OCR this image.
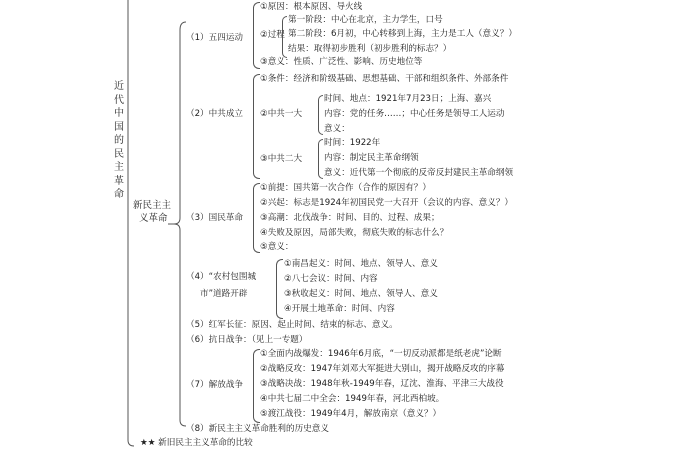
近代中国的民主革命
新民主主
义革命
（1）五四运动
①原因：根本原因、导火线
②过程
第一阶段：中心在北京，主力学生，口号
第二阶段：6月初，中心转移到上海，主力是工人（意义？）
结果：取得初步胜利（初步胜利的标志？）
③意义：性质、广泛性、影响、历史地位等
（2）中共成立
①条件：经济和阶级基础、思想基础、干部和组织条件、外部条件
②中共一大
时间、地点：1921年7月23日；上海、嘉兴
内容：党的任务……；中心任务是领导工人运动
意义：
③中共二大
时间：1922年
内容：制定民主革命纲领
意义：近代第一个彻底的反帝反封建民主革命纲领
（3）国民革命
①前提：国共第一次合作（合作的原因有？）
②兴起：标志是1924年初国民党一大召开（会议的内容、意义？）
③高潮：北伐战争：时间、目的、过程、成果；
④失败及原因，局部失败，彻底失败的标志什么？
⑤意义：
（4）“农村包围城
市”道路开辟
①南昌起义：时间、地点、领导人、意义
②八七会议：时间、内容
③秋收起义：时间、地点、领导人、意义
④开展土地革命：时间、内容
（5）红军长征：原因、起止时间、结束的标志、意义。
（6）抗日战争：（见上一专题）
（7）解放战争
①全面内战爆发：1946年6月底，“一切反动派都是纸老虎”论断
②战略反攻：1947年刘邓大军挺进大别山，揭开战略反攻的序幕
③战略决战：1948年秋-1949年春，辽沈、淮海、平津三大战役
④中共七届二中全会：1949年春，河北西柏坡。
⑤渡江战役：1949年4月，解放南京（意义？）
（8）新民主主义革命胜利的历史意义
★★ 新旧民主主义革命的比较
